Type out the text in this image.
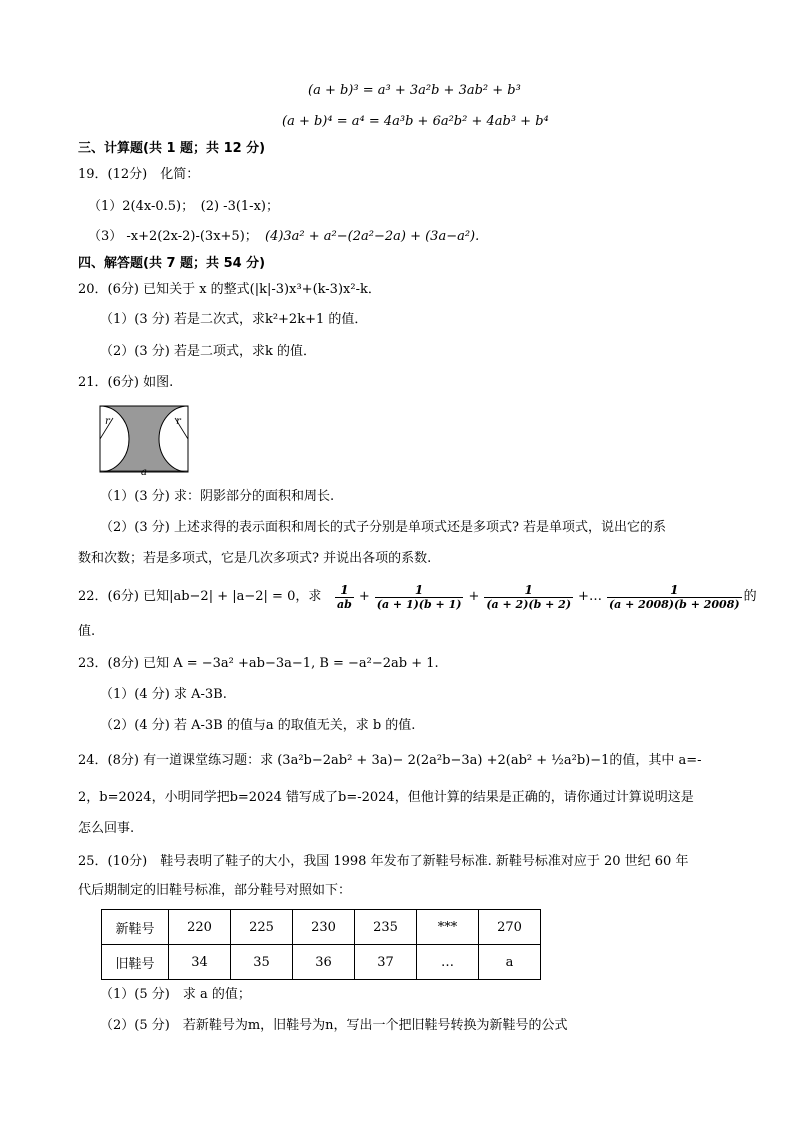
(a + b)³ = a³ + 3a²b + 3ab² + b³
(a + b)⁴ = a⁴ = 4a³b + 6a²b² + 4ab³ + b⁴
三、计算题(共 1 题；共 12 分)
19．(12分)　化简：
（1）2(4x-0.5)；　(2) -3(1-x)；
（3） -x+2(2x-2)-(3x+5)； (4)3a² + a²−(2a²−2a) + (3a−a²).
四、解答题(共 7 题；共 54 分)
20．(6分) 已知关于 x 的整式(|k|-3)x³+(k-3)x²-k．
（1）(3 分) 若是二次式，求k²+2k+1 的值．
（2）(3 分) 若是二项式，求k 的值．
21．(6分) 如图.
r	r
a
（1）(3 分) 求：阴影部分的面积和周长.
（2）(3 分) 上述求得的表示面积和周长的式子分别是单项式还是多项式? 若是单项式，说出它的系
数和次数；若是多项式，它是几次多项式? 并说出各项的系数.
22．(6分) 已知|ab−2| + |a−2| = 0，求 $\frac{1}{ab} + \frac{1}{(a + 1)(b + 1)} + \frac{1}{(a + 2)(b + 2)}$ +… $\frac{1}{(a + 2008)(b + 2008)}$ 的
值.
23．(8分) 已知 A = −3a² +ab−3a−1, B = −a²−2ab + 1.
（1）(4 分) 求 A-3B.
（2）(4 分) 若 A-3B 的值与a 的取值无关，求 b 的值.
24．(8分) 有一道课堂练习题：求 (3a²b−2ab² + 3a)− 2(2a²b−3a) +2(ab² + ½a²b)−1的值，其中 a=-
2，b=2024，小明同学把b=2024 错写成了b=-2024，但他计算的结果是正确的，请你通过计算说明这是
怎么回事.
25．(10分)　鞋号表明了鞋子的大小，我国 1998 年发布了新鞋号标准. 新鞋号标准对应于 20 世纪 60 年
代后期制定的旧鞋号标准，部分鞋号对照如下：
新鞋号	220	225	230	235	***	270
旧鞋号	34	35	36	37	…	a
（1）(5 分)　求 a 的值；
（2）(5 分)　若新鞋号为m，旧鞋号为n，写出一个把旧鞋号转换为新鞋号的公式
